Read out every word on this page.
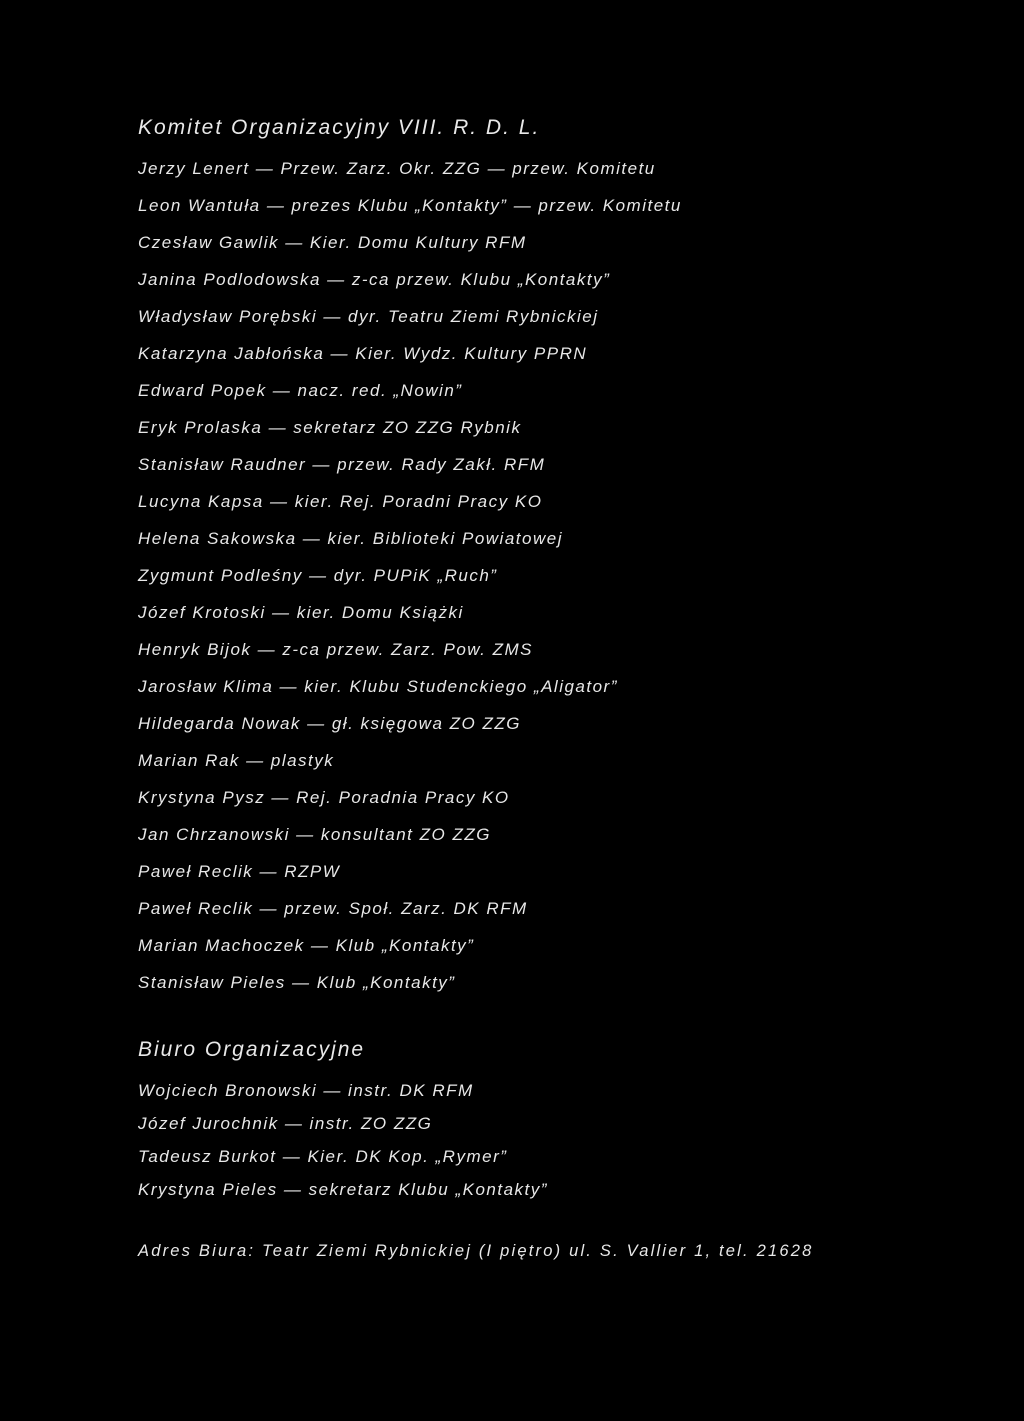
Komitet Organizacyjny VIII. R. D. L.
Jerzy Lenert — Przew. Zarz. Okr. ZZG — przew. Komitetu
Leon Wantuła — prezes Klubu „Kontakty” — przew. Komitetu
Czesław Gawlik — Kier. Domu Kultury RFM
Janina Podlodowska — z-ca przew. Klubu „Kontakty”
Władysław Porębski — dyr. Teatru Ziemi Rybnickiej
Katarzyna Jabłońska — Kier. Wydz. Kultury PPRN
Edward Popek — nacz. red. „Nowin”
Eryk Prolaska — sekretarz ZO ZZG Rybnik
Stanisław Raudner — przew. Rady Zakł. RFM
Lucyna Kapsa — kier. Rej. Poradni Pracy KO
Helena Sakowska — kier. Biblioteki Powiatowej
Zygmunt Podleśny — dyr. PUPiK „Ruch”
Józef Krotoski — kier. Domu Książki
Henryk Bijok — z-ca przew. Zarz. Pow. ZMS
Jarosław Klima — kier. Klubu Studenckiego „Aligator”
Hildegarda Nowak — gł. księgowa ZO ZZG
Marian Rak — plastyk
Krystyna Pysz — Rej. Poradnia Pracy KO
Jan Chrzanowski — konsultant ZO ZZG
Paweł Reclik — RZPW
Paweł Reclik — przew. Społ. Zarz. DK RFM
Marian Machoczek — Klub „Kontakty”
Stanisław Pieles — Klub „Kontakty”
Biuro Organizacyjne
Wojciech Bronowski — instr. DK RFM
Józef Jurochnik — instr. ZO ZZG
Tadeusz Burkot — Kier. DK Kop. „Rymer”
Krystyna Pieles — sekretarz Klubu „Kontakty”
Adres Biura: Teatr Ziemi Rybnickiej (I piętro) ul. S. Vallier 1, tel. 21628
